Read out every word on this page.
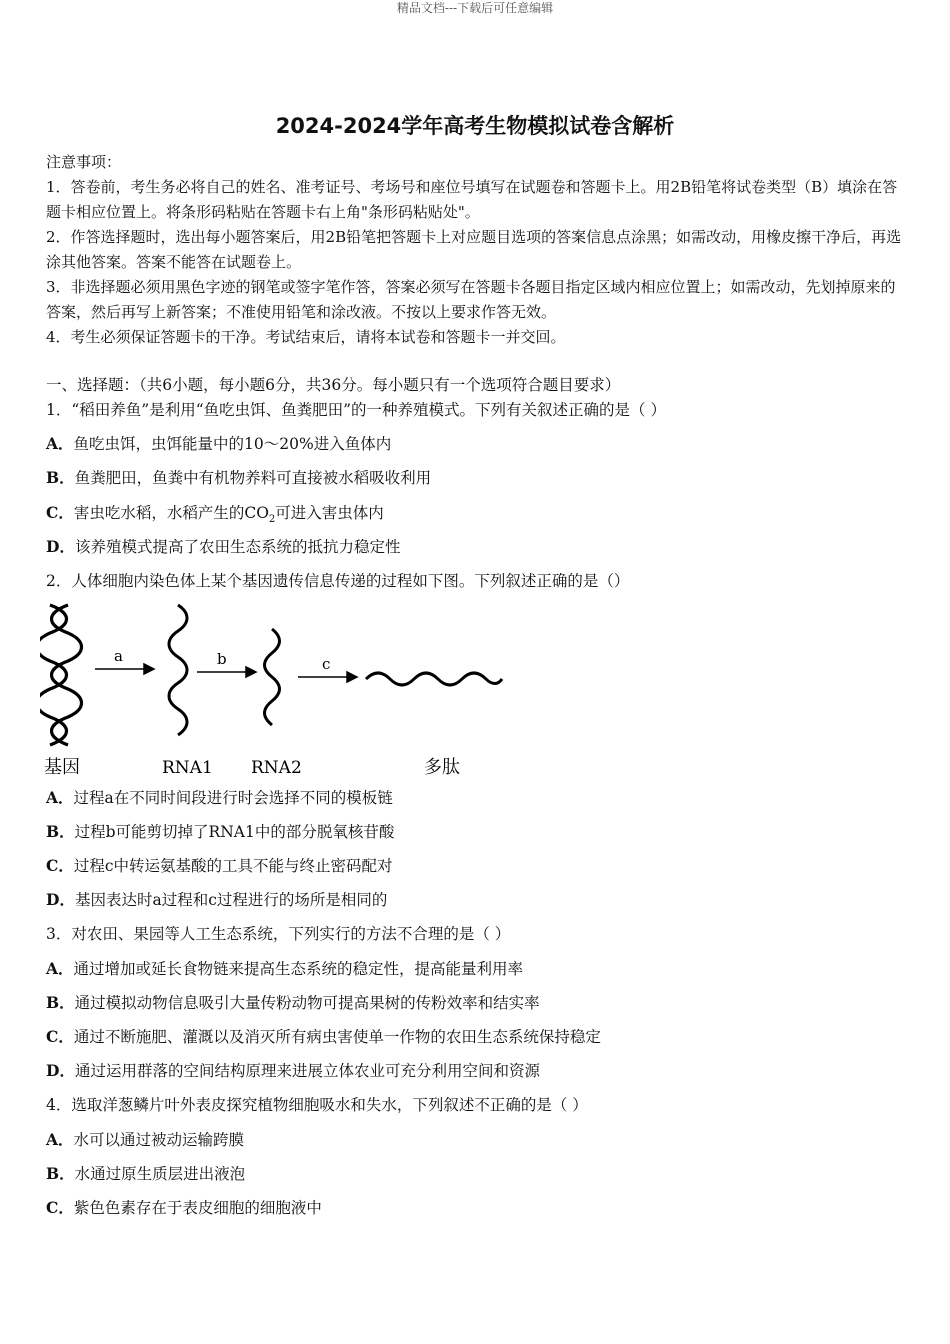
精品文档---下载后可任意编辑
2024-2024学年高考生物模拟试卷含解析
注意事项：
1．答卷前，考生务必将自己的姓名、准考证号、考场号和座位号填写在试题卷和答题卡上。用2B铅笔将试卷类型（B）填涂在答题卡相应位置上。将条形码粘贴在答题卡右上角"条形码粘贴处"。
2．作答选择题时，选出每小题答案后，用2B铅笔把答题卡上对应题目选项的答案信息点涂黑；如需改动，用橡皮擦干净后，再选涂其他答案。答案不能答在试题卷上。
3．非选择题必须用黑色字迹的钢笔或签字笔作答，答案必须写在答题卡各题目指定区域内相应位置上；如需改动，先划掉原来的答案，然后再写上新答案；不准使用铅笔和涂改液。不按以上要求作答无效。
4．考生必须保证答题卡的干净。考试结束后，请将本试卷和答题卡一并交回。
一、选择题：（共6小题，每小题6分，共36分。每小题只有一个选项符合题目要求）
1．“稻田养鱼”是利用“鱼吃虫饵、鱼粪肥田”的一种养殖模式。下列有关叙述正确的是（ ）
A．鱼吃虫饵，虫饵能量中的10～20%进入鱼体内
B．鱼粪肥田，鱼粪中有机物养料可直接被水稻吸收利用
C．害虫吃水稻，水稻产生的$CO_2$可进入害虫体内
D．该养殖模式提高了农田生态系统的抵抗力稳定性
2．人体细胞内染色体上某个基因遗传信息传递的过程如下图。下列叙述正确的是（）
a	b	c
基因	RNA1 RNA2	多肽
A．过程a在不同时间段进行时会选择不同的模板链
B．过程b可能剪切掉了RNA1中的部分脱氧核苷酸
C．过程c中转运氨基酸的工具不能与终止密码配对
D．基因表达时a过程和c过程进行的场所是相同的
3．对农田、果园等人工生态系统，下列实行的方法不合理的是（ ）
A．通过增加或延长食物链来提高生态系统的稳定性，提高能量利用率
B．通过模拟动物信息吸引大量传粉动物可提高果树的传粉效率和结实率
C．通过不断施肥、灌溉以及消灭所有病虫害使单一作物的农田生态系统保持稳定
D．通过运用群落的空间结构原理来进展立体农业可充分利用空间和资源
4．选取洋葱鳞片叶外表皮探究植物细胞吸水和失水，下列叙述不正确的是（ ）
A．水可以通过被动运输跨膜
B．水通过原生质层进出液泡
C．紫色色素存在于表皮细胞的细胞液中
